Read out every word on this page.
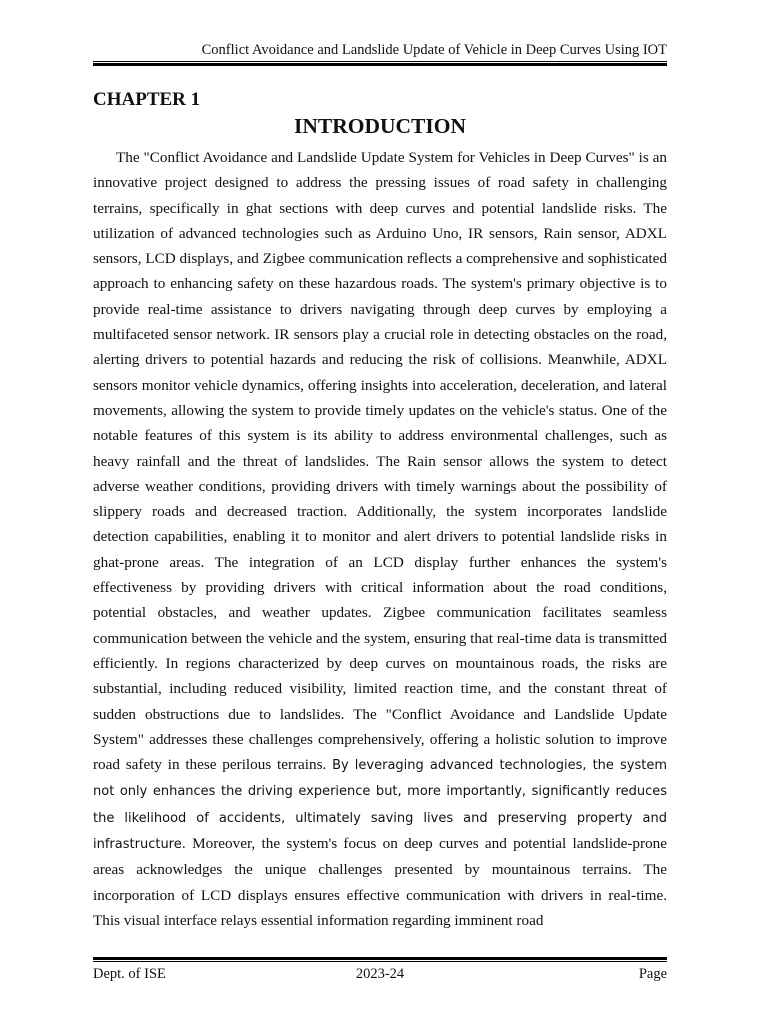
Conflict Avoidance and Landslide Update of Vehicle in Deep Curves Using IOT
CHAPTER 1
INTRODUCTION

The "Conflict Avoidance and Landslide Update System for Vehicles in Deep Curves" is an innovative project designed to address the pressing issues of road safety in challenging terrains, specifically in ghat sections with deep curves and potential landslide risks. The utilization of advanced technologies such as Arduino Uno, IR sensors, Rain sensor, ADXL sensors, LCD displays, and Zigbee communication reflects a comprehensive and sophisticated approach to enhancing safety on these hazardous roads. The system's primary objective is to provide real-time assistance to drivers navigating through deep curves by employing a multifaceted sensor network. IR sensors play a crucial role in detecting obstacles on the road, alerting drivers to potential hazards and reducing the risk of collisions. Meanwhile, ADXL sensors monitor vehicle dynamics, offering insights into acceleration, deceleration, and lateral movements, allowing the system to provide timely updates on the vehicle's status. One of the notable features of this system is its ability to address environmental challenges, such as heavy rainfall and the threat of landslides. The Rain sensor allows the system to detect adverse weather conditions, providing drivers with timely warnings about the possibility of slippery roads and decreased traction. Additionally, the system incorporates landslide detection capabilities, enabling it to monitor and alert drivers to potential landslide risks in ghat-prone areas. The integration of an LCD display further enhances the system's effectiveness by providing drivers with critical information about the road conditions, potential obstacles, and weather updates. Zigbee communication facilitates seamless communication between the vehicle and the system, ensuring that real-time data is transmitted efficiently. In regions characterized by deep curves on mountainous roads, the risks are substantial, including reduced visibility, limited reaction time, and the constant threat of sudden obstructions due to landslides. The "Conflict Avoidance and Landslide Update System" addresses these challenges comprehensively, offering a holistic solution to improve road safety in these perilous terrains. By leveraging advanced technologies, the system not only enhances the driving experience but, more importantly, significantly reduces the likelihood of accidents, ultimately saving lives and preserving property and infrastructure. Moreover, the system's focus on deep curves and potential landslide-prone areas acknowledges the unique challenges presented by mountainous terrains. The incorporation of LCD displays ensures effective communication with drivers in real-time. This visual interface relays essential information regarding imminent road

Dept. of ISE	2023-24	Page
